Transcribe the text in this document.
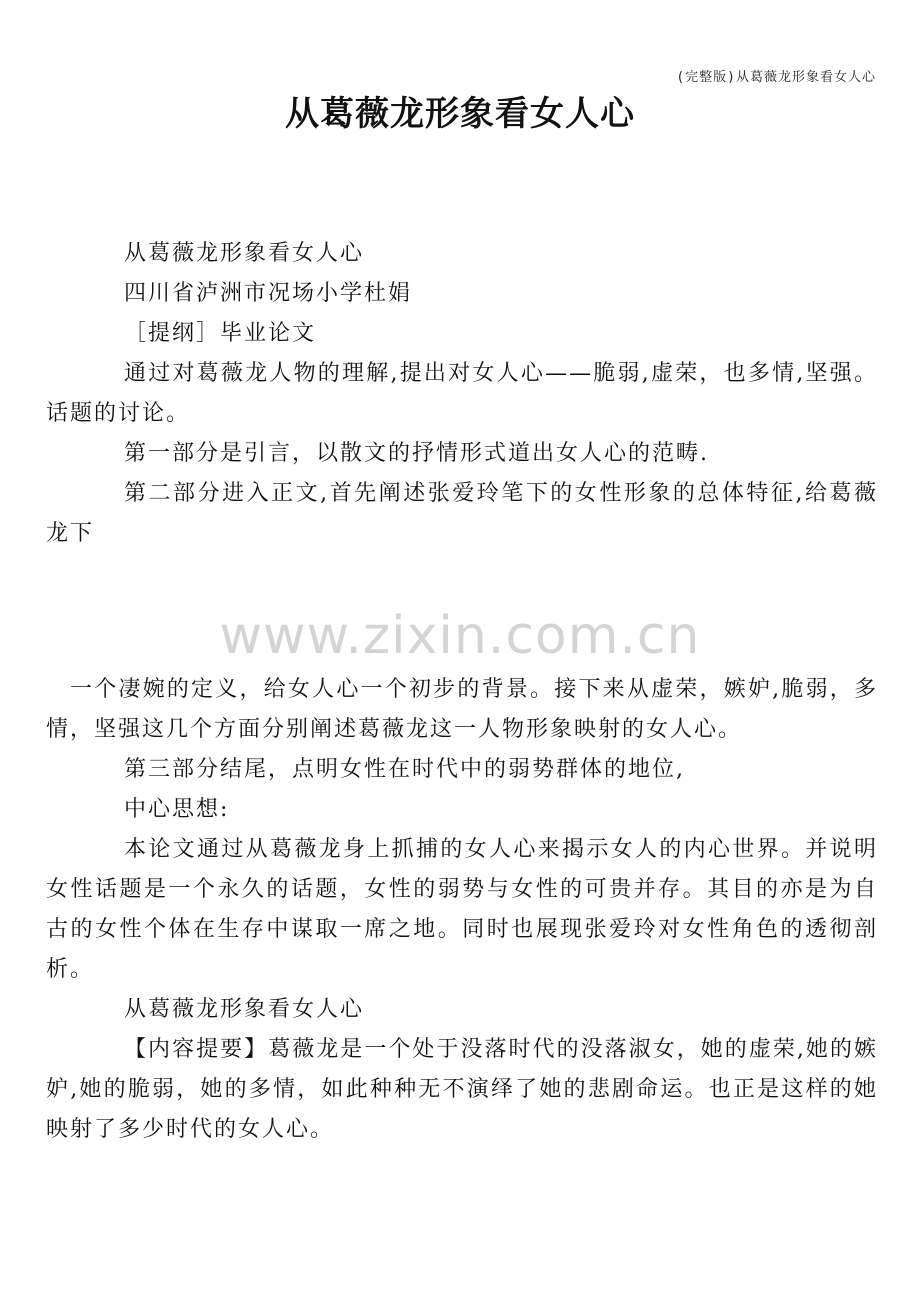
(完整版)从葛薇龙形象看女人心
从葛薇龙形象看女人心

从葛薇龙形象看女人心

四川省泸洲市况场小学杜娟

［提纲］毕业论文

通过对葛薇龙人物的理解,提出对女人心——脆弱,虚荣，也多情,坚强。话题的讨论。

第一部分是引言，以散文的抒情形式道出女人心的范畴.

第二部分进入正文,首先阐述张爱玲笔下的女性形象的总体特征,给葛薇龙下

www.zixin.com.cn

一个凄婉的定义，给女人心一个初步的背景。接下来从虚荣，嫉妒,脆弱，多情，坚强这几个方面分别阐述葛薇龙这一人物形象映射的女人心。

第三部分结尾，点明女性在时代中的弱势群体的地位,

中心思想:

本论文通过从葛薇龙身上抓捕的女人心来揭示女人的内心世界。并说明女性话题是一个永久的话题，女性的弱势与女性的可贵并存。其目的亦是为自古的女性个体在生存中谋取一席之地。同时也展现张爱玲对女性角色的透彻剖析。

从葛薇龙形象看女人心

【内容提要】葛薇龙是一个处于没落时代的没落淑女，她的虚荣,她的嫉妒,她的脆弱，她的多情，如此种种无不演绎了她的悲剧命运。也正是这样的她映射了多少时代的女人心。
